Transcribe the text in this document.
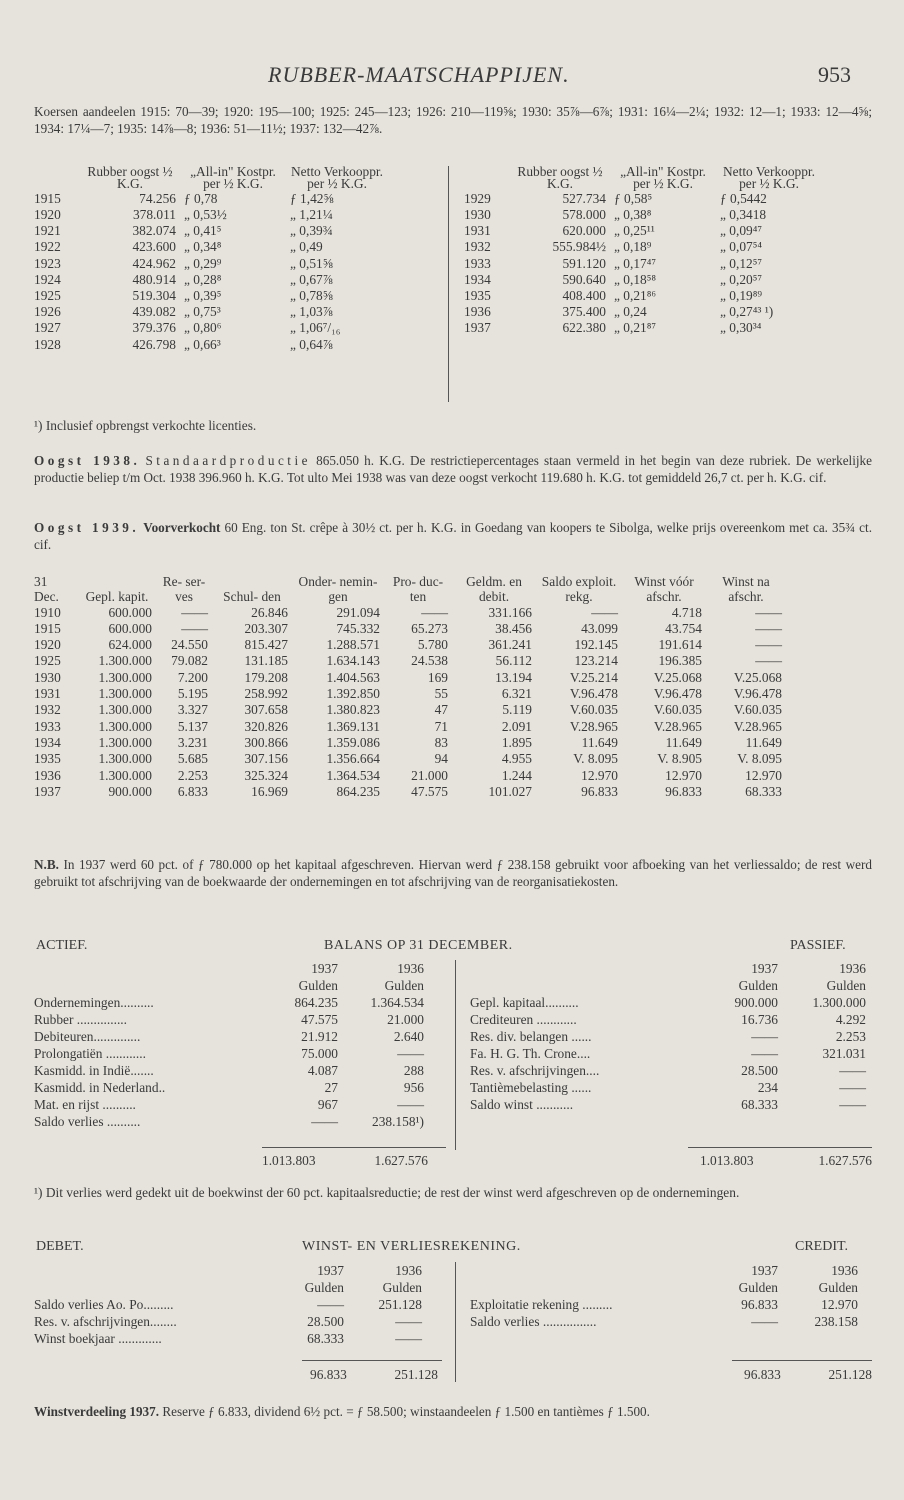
RUBBER-MAATSCHAPPIJEN.	953
Koersen aandeelen 1915: 70—39; 1920: 195—100; 1925: 245—123; 1926: 210—119⅝; 1930: 35⅞—6⅞; 1931: 16¼—2¼; 1932: 12—1; 1933: 12—4⅝; 1934: 17¼—7; 1935: 14⅞—8; 1936: 51—11½; 1937: 132—42⅞.
	Rubber oogst ½ K.G.	„All-in" Kostpr. per ½ K.G.	Netto Verkooppr. per ½ K.G.
1915	74.256	ƒ 0,78	ƒ 1,42⅝
1920	378.011	„ 0,53½	„ 1,21¼
1921	382.074	„ 0,41⁵	„ 0,39¾
1922	423.600	„ 0,34⁸	„ 0,49
1923	424.962	„ 0,29⁹	„ 0,51⅝
1924	480.914	„ 0,28⁸	„ 0,67⅞
1925	519.304	„ 0,39⁵	„ 0,78⅝
1926	439.082	„ 0,75³	„ 1,03⅞
1927	379.376	„ 0,80⁶	„ 1,06⁷/₁₆
1928	426.798	„ 0,66³	„ 0,64⅞
	Rubber oogst ½ K.G.	„All-in" Kostpr. per ½ K.G.	Netto Verkooppr. per ½ K.G.
1929	527.734	ƒ 0,58⁵	ƒ 0,5442
1930	578.000	„ 0,38⁸	„ 0,3418
1931	620.000	„ 0,25¹¹	„ 0,09⁴⁷
1932	555.984½	„ 0,18⁹	„ 0,07⁵⁴
1933	591.120	„ 0,17⁴⁷	„ 0,12⁵⁷
1934	590.640	„ 0,18⁵⁸	„ 0,20⁵⁷
1935	408.400	„ 0,21⁸⁶	„ 0,19⁸⁹
1936	375.400	„ 0,24	„ 0,27⁴³ ¹)
1937	622.380	„ 0,21⁸⁷	„ 0,30³⁴
¹) Inclusief opbrengst verkochte licenties.
Oogst 1938. Standaardproductie 865.050 h. K.G. De restrictiepercentages staan vermeld in het begin van deze rubriek. De werkelijke productie beliep t/m Oct. 1938 396.960 h. K.G. Tot ulto Mei 1938 was van deze oogst verkocht 119.680 h. K.G. tot gemiddeld 26,7 ct. per h. K.G. cif.
Oogst 1939. Voorverkocht 60 Eng. ton St. crêpe à 30½ ct. per h. K.G. in Goedang van koopers te Sibolga, welke prijs overeenkom met ca. 35¾ ct. cif.
31 Dec.	Gepl. kapit.	Re- ser- ves	Schul- den	Onder- nemin- gen	Pro- duc- ten	Geldm. en debit.	Saldo exploit. rekg.	Winst vóór afschr.	Winst na afschr.
1910	600.000	——	26.846	291.094	——	331.166	——	4.718	——
1915	600.000	——	203.307	745.332	65.273	38.456	43.099	43.754	——
1920	624.000	24.550	815.427	1.288.571	5.780	361.241	192.145	191.614	——
1925	1.300.000	79.082	131.185	1.634.143	24.538	56.112	123.214	196.385	——
1930	1.300.000	7.200	179.208	1.404.563	169	13.194	V.25.214	V.25.068	V.25.068
1931	1.300.000	5.195	258.992	1.392.850	55	6.321	V.96.478	V.96.478	V.96.478
1932	1.300.000	3.327	307.658	1.380.823	47	5.119	V.60.035	V.60.035	V.60.035
1933	1.300.000	5.137	320.826	1.369.131	71	2.091	V.28.965	V.28.965	V.28.965
1934	1.300.000	3.231	300.866	1.359.086	83	1.895	11.649	11.649	11.649
1935	1.300.000	5.685	307.156	1.356.664	94	4.955	V. 8.095	V. 8.905	V. 8.095
1936	1.300.000	2.253	325.324	1.364.534	21.000	1.244	12.970	12.970	12.970
1937	900.000	6.833	16.969	864.235	47.575	101.027	96.833	96.833	68.333
N.B. In 1937 werd 60 pct. of ƒ 780.000 op het kapitaal afgeschreven. Hiervan werd ƒ 238.158 gebruikt voor afboeking van het verliessaldo; de rest werd gebruikt tot afschrijving van de boekwaarde der ondernemingen en tot afschrijving van de reorganisatiekosten.
ACTIEF.	BALANS OP 31 DECEMBER.	PASSIEF.
	1937	1936
	Gulden	Gulden
Ondernemingen..........	864.235	1.364.534
Rubber ...............	47.575	21.000
Debiteuren..............	21.912	2.640
Prolongatiën ............	75.000	——
Kasmidd. in Indië.......	4.087	288
Kasmidd. in Nederland..	27	956
Mat. en rijst ..........	967	——
Saldo verlies ..........	——	238.158¹)
	1937	1936
	Gulden	Gulden
Gepl. kapitaal..........	900.000	1.300.000
Crediteuren ............	16.736	4.292
Res. div. belangen ......	——	2.253
Fa. H. G. Th. Crone....	——	321.031
Res. v. afschrijvingen....	28.500	——
Tantièmebelasting ......	234	——
Saldo winst ...........	68.333	——
1.013.803	1.627.576	1.013.803	1.627.576
¹) Dit verlies werd gedekt uit de boekwinst der 60 pct. kapitaalsreductie; de rest der winst werd afgeschreven op de ondernemingen.
DEBET.	WINST- EN VERLIESREKENING.	CREDIT.
	1937	1936
	Gulden	Gulden
Saldo verlies Ao. Po.........	——	251.128
Res. v. afschrijvingen........	28.500	——
Winst boekjaar .............	68.333	——
	1937	1936
	Gulden	Gulden
Exploitatie rekening .........	96.833	12.970
Saldo verlies ................	——	238.158
96.833	251.128	96.833	251.128
Winstverdeeling 1937. Reserve ƒ 6.833, dividend 6½ pct. = ƒ 58.500; winstaandeelen ƒ 1.500 en tantièmes ƒ 1.500.
